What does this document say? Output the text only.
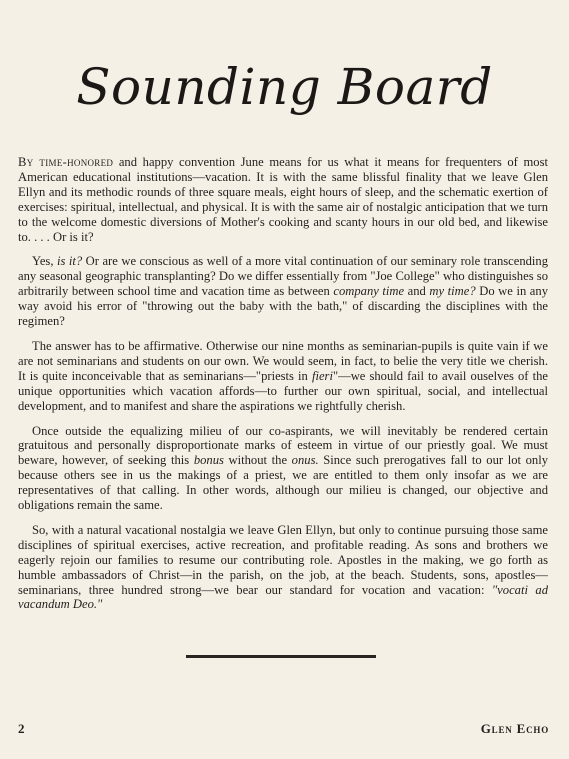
Sounding Board

By time-honored and happy convention June means for us what it means for frequenters of most American educational institutions—vacation. It is with the same blissful finality that we leave Glen Ellyn and its methodic rounds of three square meals, eight hours of sleep, and the schematic exertion of exercises: spiritual, intellectual, and physical. It is with the same air of nostalgic anticipation that we turn to the welcome domestic diversions of Mother's cooking and scanty hours in our old bed, and likewise to. . . . Or is it?

Yes, is it? Or are we conscious as well of a more vital continuation of our seminary role transcending any seasonal geographic transplanting? Do we differ essentially from "Joe College" who distinguishes so arbitrarily between school time and vacation time as between company time and my time? Do we in any way avoid his error of "throwing out the baby with the bath," of discarding the disciplines with the regimen?

The answer has to be affirmative. Otherwise our nine months as seminarian-pupils is quite vain if we are not seminarians and students on our own. We would seem, in fact, to belie the very title we cherish. It is quite inconceivable that as seminarians—"priests in fieri"—we should fail to avail ouselves of the unique opportunities which vacation affords—to further our own spiritual, social, and intellectual development, and to manifest and share the aspirations we rightfully cherish.

Once outside the equalizing milieu of our co-aspirants, we will inevitably be rendered certain gratuitous and personally disproportionate marks of esteem in virtue of our priestly goal. We must beware, however, of seeking this bonus without the onus. Since such prerogatives fall to our lot only because others see in us the makings of a priest, we are entitled to them only insofar as we are representatives of that calling. In other words, although our milieu is changed, our objective and obligations remain the same.

So, with a natural vacational nostalgia we leave Glen Ellyn, but only to continue pursuing those same disciplines of spiritual exercises, active recreation, and profitable reading. As sons and brothers we eagerly rejoin our families to resume our contributing role. Apostles in the making, we go forth as humble ambassadors of Christ—in the parish, on the job, at the beach. Students, sons, apostles—seminarians, three hundred strong—we bear our standard for vocation and vacation: "vocati ad vacandum Deo."

2	Glen Echo
